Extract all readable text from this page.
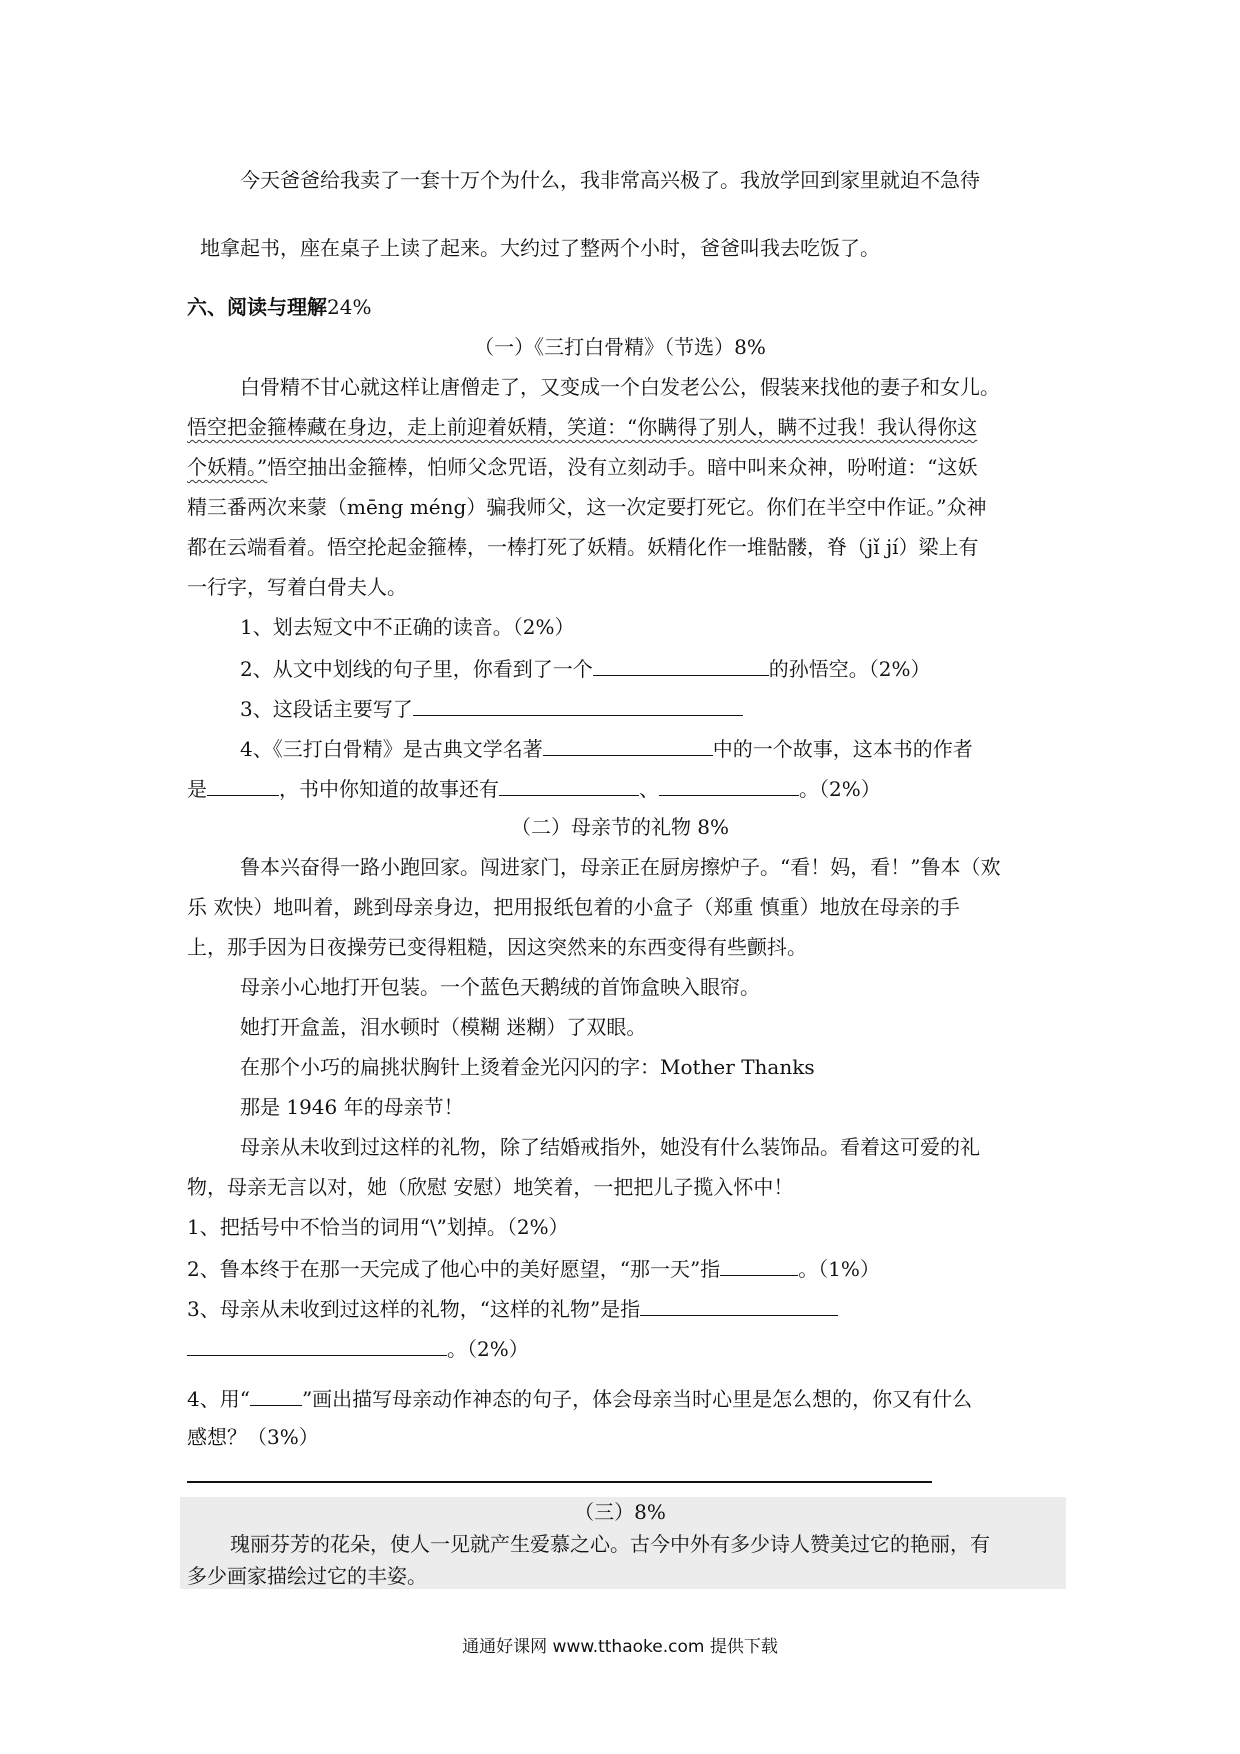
今天爸爸给我卖了一套十万个为什么，我非常高兴极了。我放学回到家里就迫不急待
地拿起书，座在桌子上读了起来。大约过了整两个小时，爸爸叫我去吃饭了。
六、阅读与理解24%
（一）《三打白骨精》（节选）8%
白骨精不甘心就这样让唐僧走了，又变成一个白发老公公，假装来找他的妻子和女儿。
悟空把金箍棒藏在身边，走上前迎着妖精，笑道：“你瞒得了别人，瞒不过我！我认得你这
个妖精。”悟空抽出金箍棒，怕师父念咒语，没有立刻动手。暗中叫来众神，吩咐道：“这妖
精三番两次来蒙（mēng méng）骗我师父，这一次定要打死它。你们在半空中作证。”众神
都在云端看着。悟空抡起金箍棒，一棒打死了妖精。妖精化作一堆骷髅，脊（jǐ jí）梁上有
一行字，写着白骨夫人。
1、划去短文中不正确的读音。（2%）
2、从文中划线的句子里，你看到了一个	的孙悟空。（2%）
3、这段话主要写了
4、《三打白骨精》是古典文学名著	中的一个故事，这本书的作者
是	，书中你知道的故事还有	、	。（2%）
（二）母亲节的礼物 8%
鲁本兴奋得一路小跑回家。闯进家门，母亲正在厨房擦炉子。“看！妈，看！”鲁本（欢
乐 欢快）地叫着，跳到母亲身边，把用报纸包着的小盒子（郑重 慎重）地放在母亲的手
上，那手因为日夜操劳已变得粗糙，因这突然来的东西变得有些颤抖。
母亲小心地打开包装。一个蓝色天鹅绒的首饰盒映入眼帘。
她打开盒盖，泪水顿时（模糊 迷糊）了双眼。
在那个小巧的扁挑状胸针上烫着金光闪闪的字：Mother Thanks
那是 1946 年的母亲节！
母亲从未收到过这样的礼物，除了结婚戒指外，她没有什么装饰品。看着这可爱的礼
物，母亲无言以对，她（欣慰 安慰）地笑着，一把把儿子揽入怀中！
1、把括号中不恰当的词用“\”划掉。（2%）
2、鲁本终于在那一天完成了他心中的美好愿望，“那一天”指	。（1%）
3、母亲从未收到过这样的礼物，“这样的礼物”是指
。（2%）
4、用“	”画出描写母亲动作神态的句子，体会母亲当时心里是怎么想的，你又有什么
感想？（3%）
（三）8%
瑰丽芬芳的花朵，使人一见就产生爱慕之心。古今中外有多少诗人赞美过它的艳丽，有
多少画家描绘过它的丰姿。
通通好课网 www.tthaoke.com 提供下载
